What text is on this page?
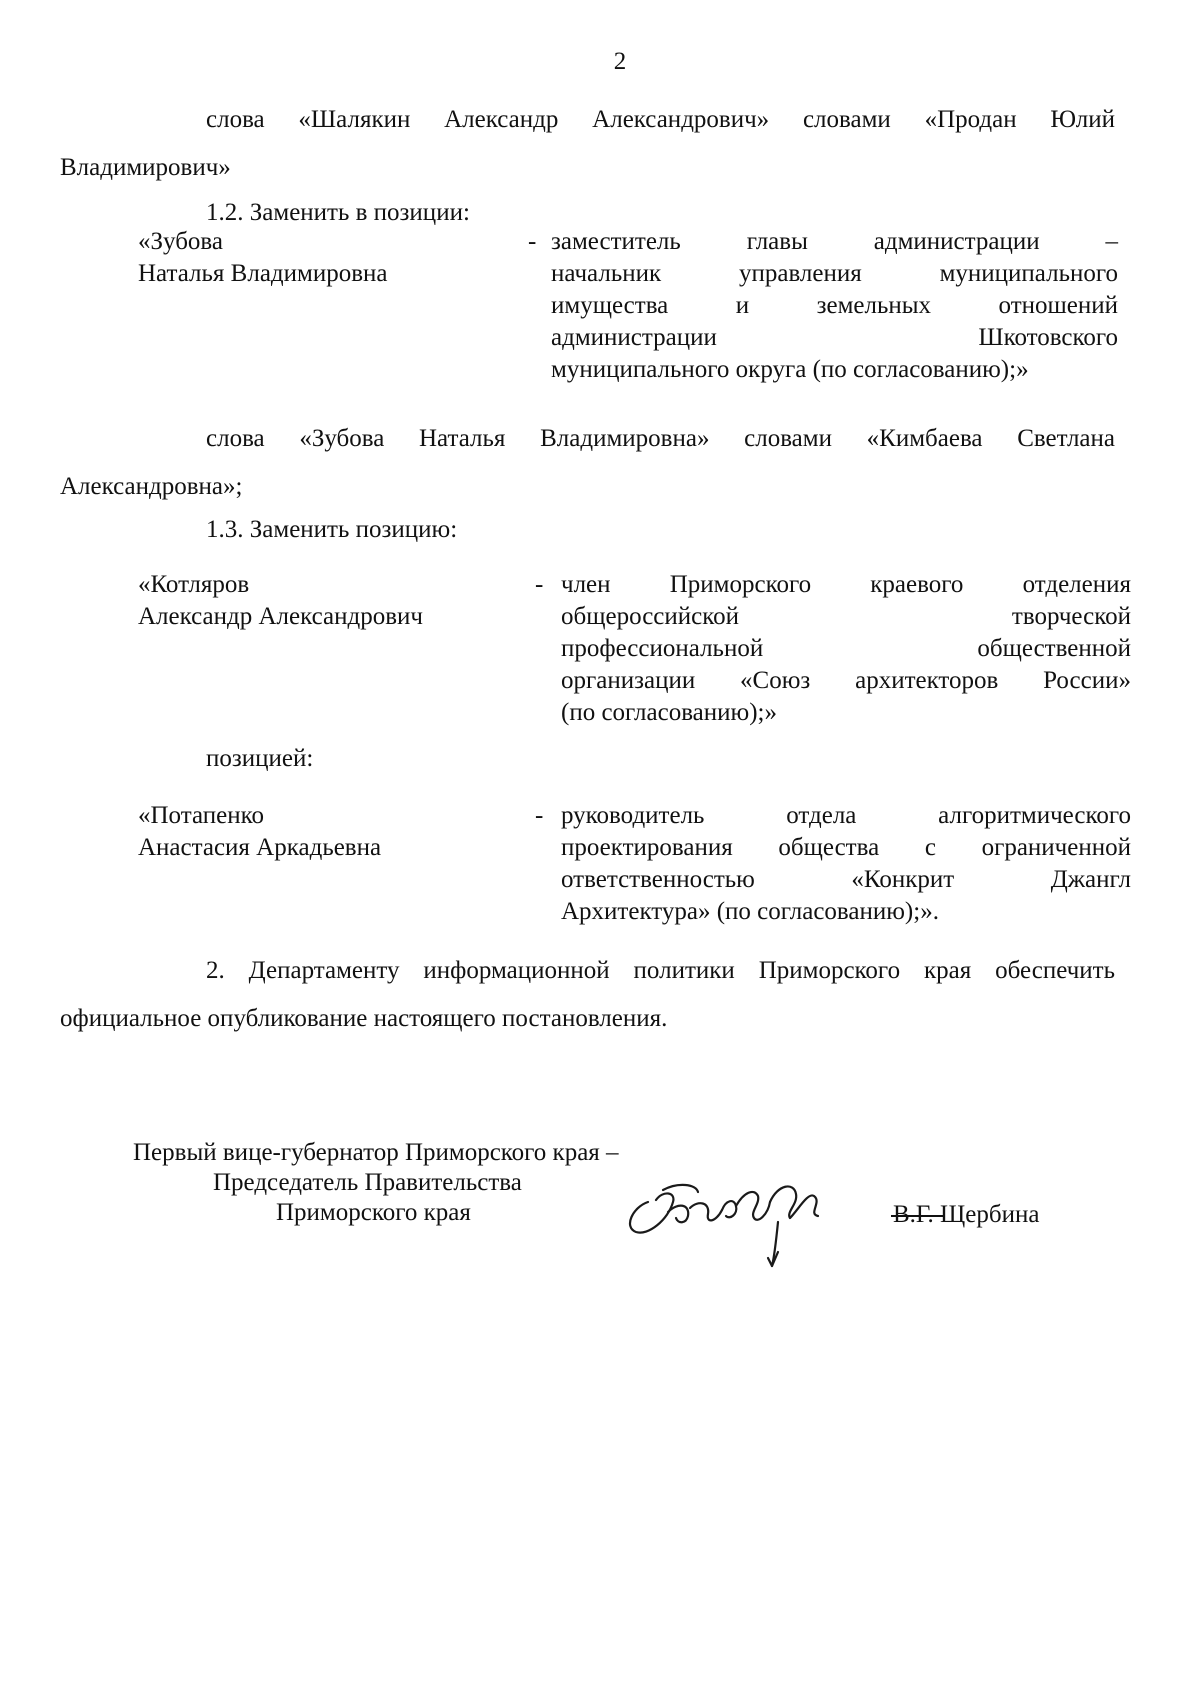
2
слова «Шалякин Александр Александрович» словами «Продан Юлий
Владимирович»
1.2. Заменить в позиции:
«Зубова
Наталья Владимировна
- заместитель главы администрации –
начальник управления муниципального
имущества и земельных отношений
администрации Шкотовского
муниципального округа (по согласованию);»
слова «Зубова Наталья Владимировна» словами «Кимбаева Светлана
Александровна»;
1.3. Заменить позицию:
«Котляров
Александр Александрович
- член Приморского краевого отделения
общероссийской творческой
профессиональной общественной
организации «Союз архитекторов России»
(по согласованию);»
позицией:
«Потапенко
Анастасия Аркадьевна
- руководитель отдела алгоритмического
проектирования общества с ограниченной
ответственностью «Конкрит Джангл
Архитектура» (по согласованию);».
2. Департаменту информационной политики Приморского края обеспечить
официальное опубликование настоящего постановления.
Первый вице-губернатор Приморского края –
Председатель Правительства
Приморского края	В.Г. Щербина
